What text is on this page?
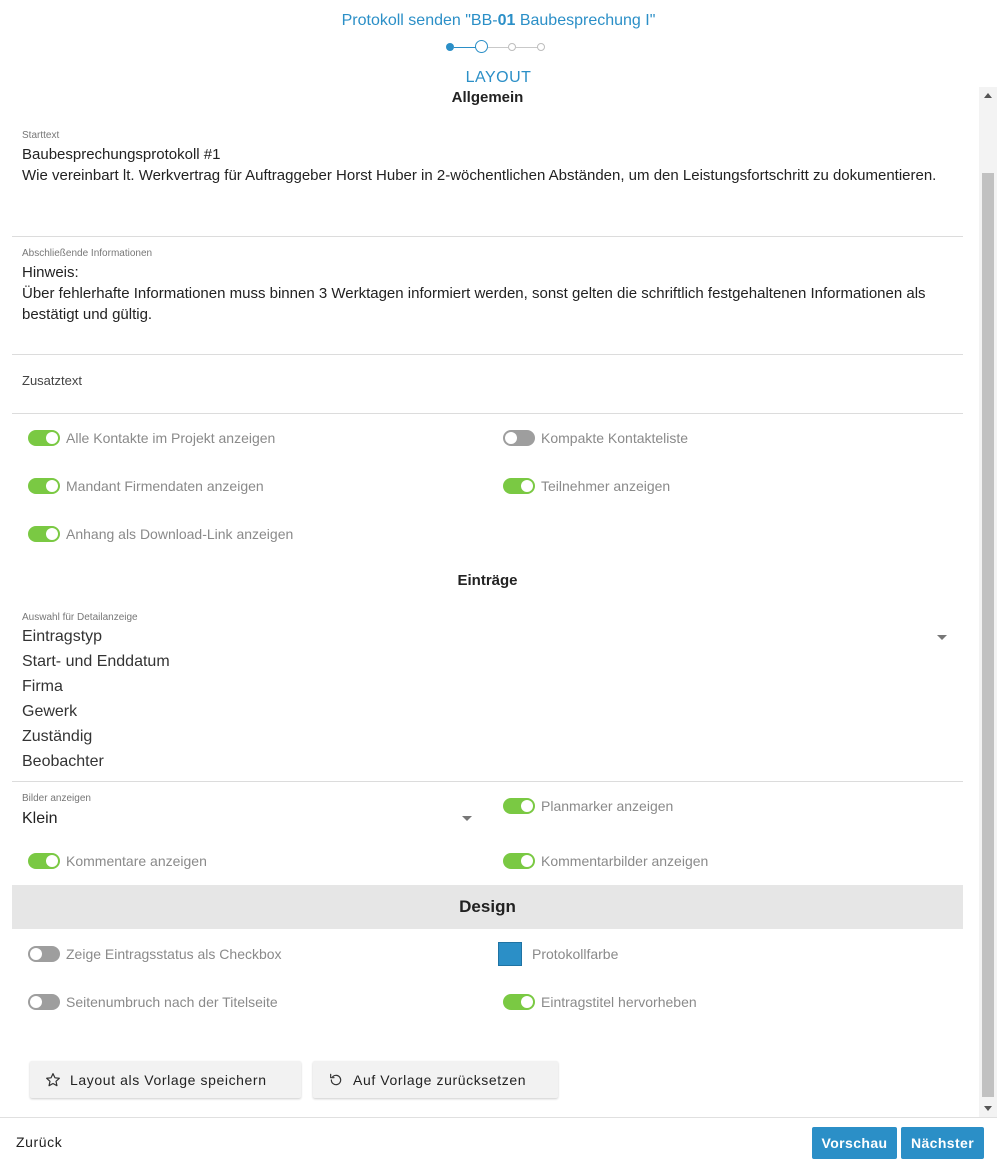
Protokoll senden "BB-01 Baubesprechung I"
LAYOUT
Allgemein
Starttext
Baubesprechungsprotokoll #1
Wie vereinbart lt. Werkvertrag für Auftraggeber Horst Huber in 2-wöchentlichen Abständen, um den Leistungsfortschritt zu dokumentieren.
Abschließende Informationen
Hinweis:
Über fehlerhafte Informationen muss binnen 3 Werktagen informiert werden, sonst gelten die schriftlich festgehaltenen Informationen als bestätigt und gültig.
Zusatztext
Alle Kontakte im Projekt anzeigen	Kompakte Kontakteliste
Mandant Firmendaten anzeigen	Teilnehmer anzeigen
Anhang als Download-Link anzeigen
Einträge
Auswahl für Detailanzeige
Eintragstyp
Start- und Enddatum
Firma
Gewerk
Zuständig
Beobachter
Bilder anzeigen
Klein
Planmarker anzeigen
Kommentare anzeigen	Kommentarbilder anzeigen
Design
Zeige Eintragsstatus als Checkbox	Protokollfarbe
Seitenumbruch nach der Titelseite	Eintragstitel hervorheben
Layout als Vorlage speichern	Auf Vorlage zurücksetzen
Zurück	Vorschau	Nächster
